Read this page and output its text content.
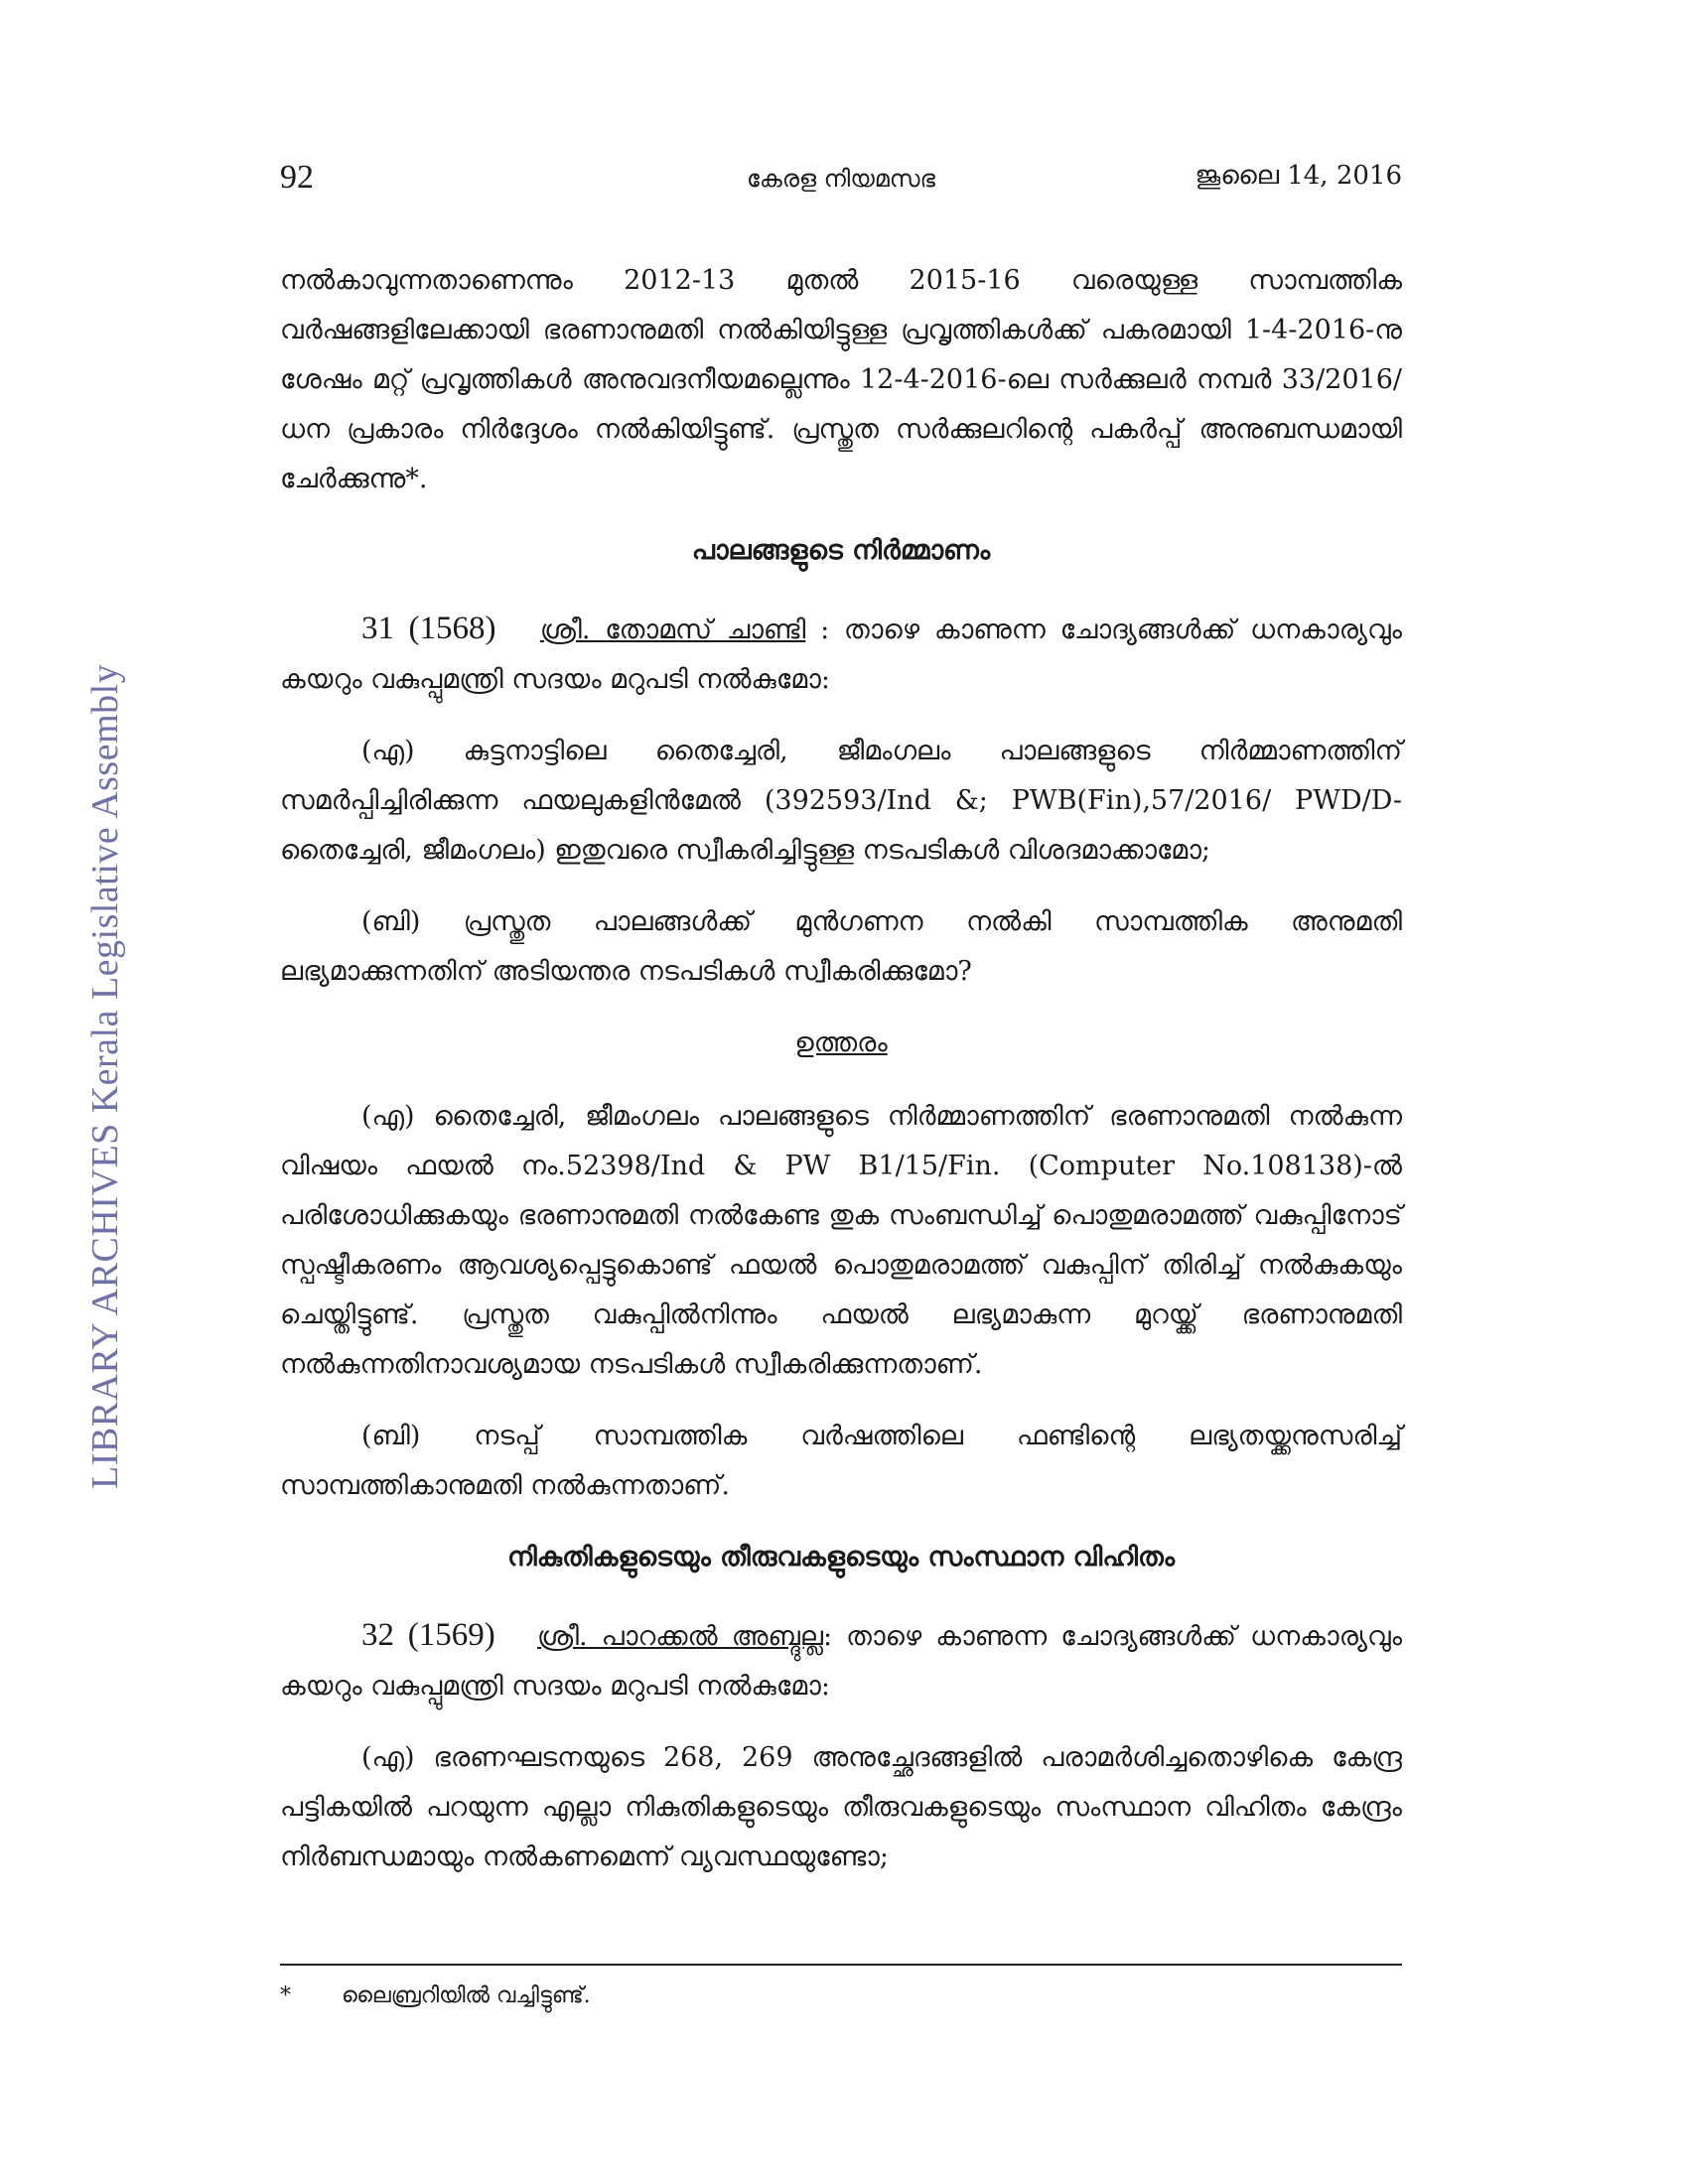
LIBRARY ARCHIVES Kerala Legislative Assembly
92	കേരള നിയമസഭ	ജൂലൈ 14, 2016

നൽകാവുന്നതാണെന്നും 2012-13 മുതൽ 2015-16 വരെയുള്ള സാമ്പത്തിക വർഷങ്ങളിലേക്കായി ഭരണാനുമതി നൽകിയിട്ടുള്ള പ്രവൃത്തികൾക്ക് പകരമായി 1-4-2016-നു ശേഷം മറ്റ് പ്രവൃത്തികൾ അനുവദനീയമല്ലെന്നും 12-4-2016-ലെ സർക്കുലർ നമ്പർ 33/2016/ധന പ്രകാരം നിർദ്ദേശം നൽകിയിട്ടുണ്ട്. പ്രസ്തുത സർക്കുലറിന്റെ പകർപ്പ് അനുബന്ധമായി ചേർക്കുന്നു*.

പാലങ്ങളുടെ നിർമ്മാണം

31 (1568) ശ്രീ. തോമസ് ചാണ്ടി : താഴെ കാണുന്ന ചോദ്യങ്ങൾക്ക് ധനകാര്യവും കയറും വകുപ്പുമന്ത്രി സദയം മറുപടി നൽകുമോ:

(എ) കുട്ടനാട്ടിലെ തൈച്ചേരി, ജീമംഗലം പാലങ്ങളുടെ നിർമ്മാണത്തിന് സമർപ്പിച്ചിരിക്കുന്ന ഫയലുകളിൻമേൽ (392593/Ind &; PWB(Fin),57/2016/ PWD/D-തൈച്ചേരി, ജീമംഗലം) ഇതുവരെ സ്വീകരിച്ചിട്ടുള്ള നടപടികൾ വിശദമാക്കാമോ;

(ബി) പ്രസ്തുത പാലങ്ങൾക്ക് മുൻഗണന നൽകി സാമ്പത്തിക അനുമതി ലഭ്യമാക്കുന്നതിന് അടിയന്തര നടപടികൾ സ്വീകരിക്കുമോ?

ഉത്തരം

(എ) തൈച്ചേരി, ജീമംഗലം പാലങ്ങളുടെ നിർമ്മാണത്തിന് ഭരണാനുമതി നൽകുന്ന വിഷയം ഫയൽ നം.52398/Ind & PW B1/15/Fin. (Computer No.108138)-ൽ പരിശോധിക്കുകയും ഭരണാനുമതി നൽകേണ്ട തുക സംബന്ധിച്ച് പൊതുമരാമത്ത് വകുപ്പിനോട് സ്പഷ്ടീകരണം ആവശ്യപ്പെട്ടുകൊണ്ട് ഫയൽ പൊതുമരാമത്ത് വകുപ്പിന് തിരിച്ച് നൽകുകയും ചെയ്തിട്ടുണ്ട്. പ്രസ്തുത വകുപ്പിൽനിന്നും ഫയൽ ലഭ്യമാകുന്ന മുറയ്ക്ക് ഭരണാനുമതി നൽകുന്നതിനാവശ്യമായ നടപടികൾ സ്വീകരിക്കുന്നതാണ്.

(ബി) നടപ്പ് സാമ്പത്തിക വർഷത്തിലെ ഫണ്ടിന്റെ ലഭ്യതയ്ക്കനുസരിച്ച് സാമ്പത്തികാനുമതി നൽകുന്നതാണ്.

നികുതികളുടെയും തീരുവകളുടെയും സംസ്ഥാന വിഹിതം

32 (1569) ശ്രീ. പാറക്കൽ അബ്ദുല്ല: താഴെ കാണുന്ന ചോദ്യങ്ങൾക്ക് ധനകാര്യവും കയറും വകുപ്പുമന്ത്രി സദയം മറുപടി നൽകുമോ:

(എ) ഭരണഘടനയുടെ 268, 269 അനുച്ഛേദങ്ങളിൽ പരാമർശിച്ചതൊഴികെ കേന്ദ്ര പട്ടികയിൽ പറയുന്ന എല്ലാ നികുതികളുടെയും തീരുവകളുടെയും സംസ്ഥാന വിഹിതം കേന്ദ്രം നിർബന്ധമായും നൽകണമെന്ന് വ്യവസ്ഥയുണ്ടോ;

* ലൈബ്രറിയിൽ വച്ചിട്ടുണ്ട്.
